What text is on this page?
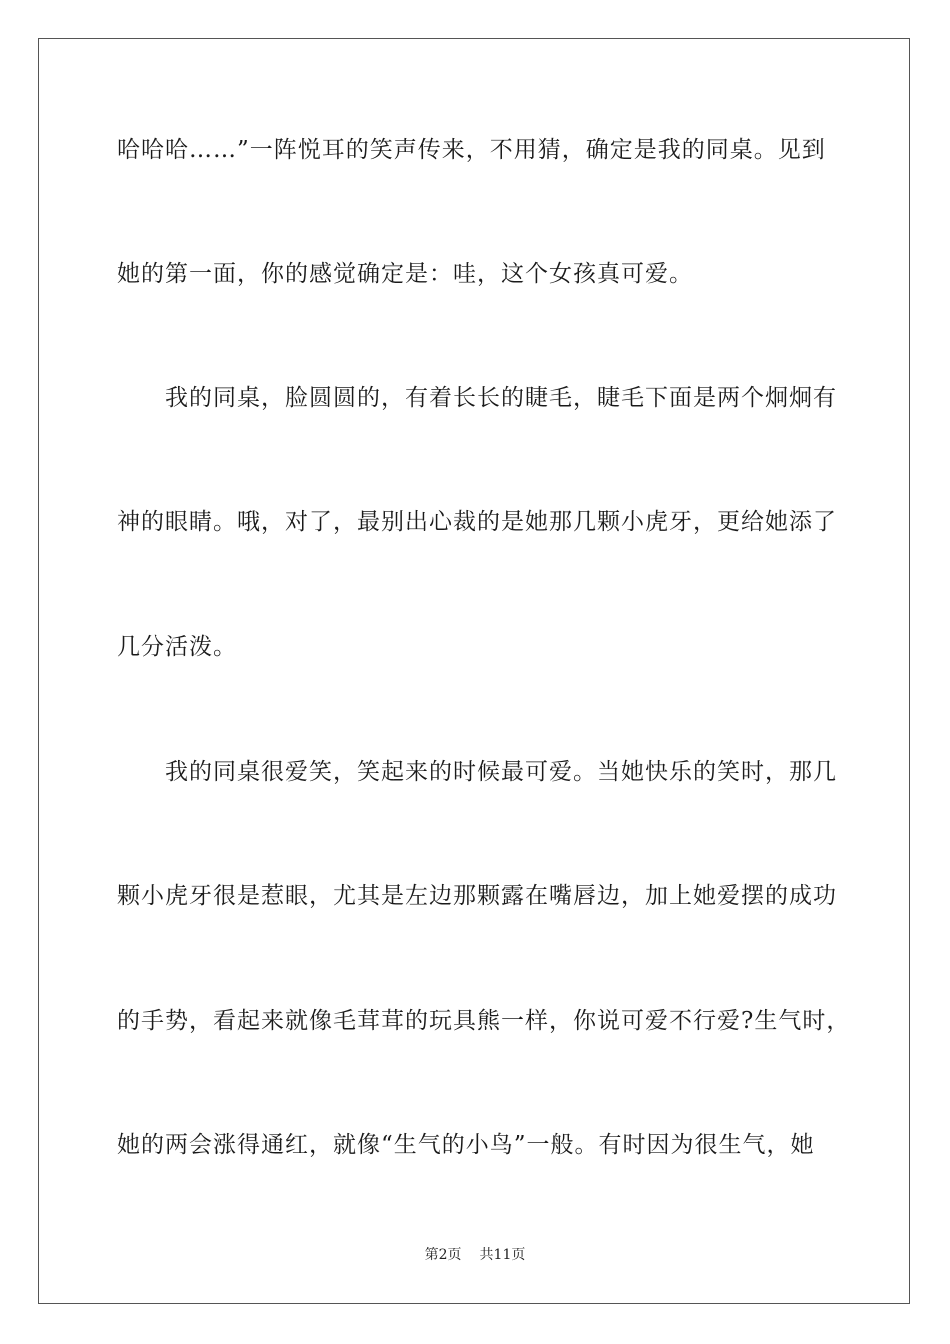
哈哈哈……”一阵悦耳的笑声传来，不用猜，确定是我的同桌。见到
她的第一面，你的感觉确定是：哇，这个女孩真可爱。
我的同桌，脸圆圆的，有着长长的睫毛，睫毛下面是两个炯炯有
神的眼睛。哦，对了，最别出心裁的是她那几颗小虎牙，更给她添了
几分活泼。
我的同桌很爱笑，笑起来的时候最可爱。当她快乐的笑时，那几
颗小虎牙很是惹眼，尤其是左边那颗露在嘴唇边，加上她爱摆的成功
的手势，看起来就像毛茸茸的玩具熊一样，你说可爱不行爱?生气时，
她的两会涨得通红，就像“生气的小鸟”一般。有时因为很生气，她
第2页 共11页
